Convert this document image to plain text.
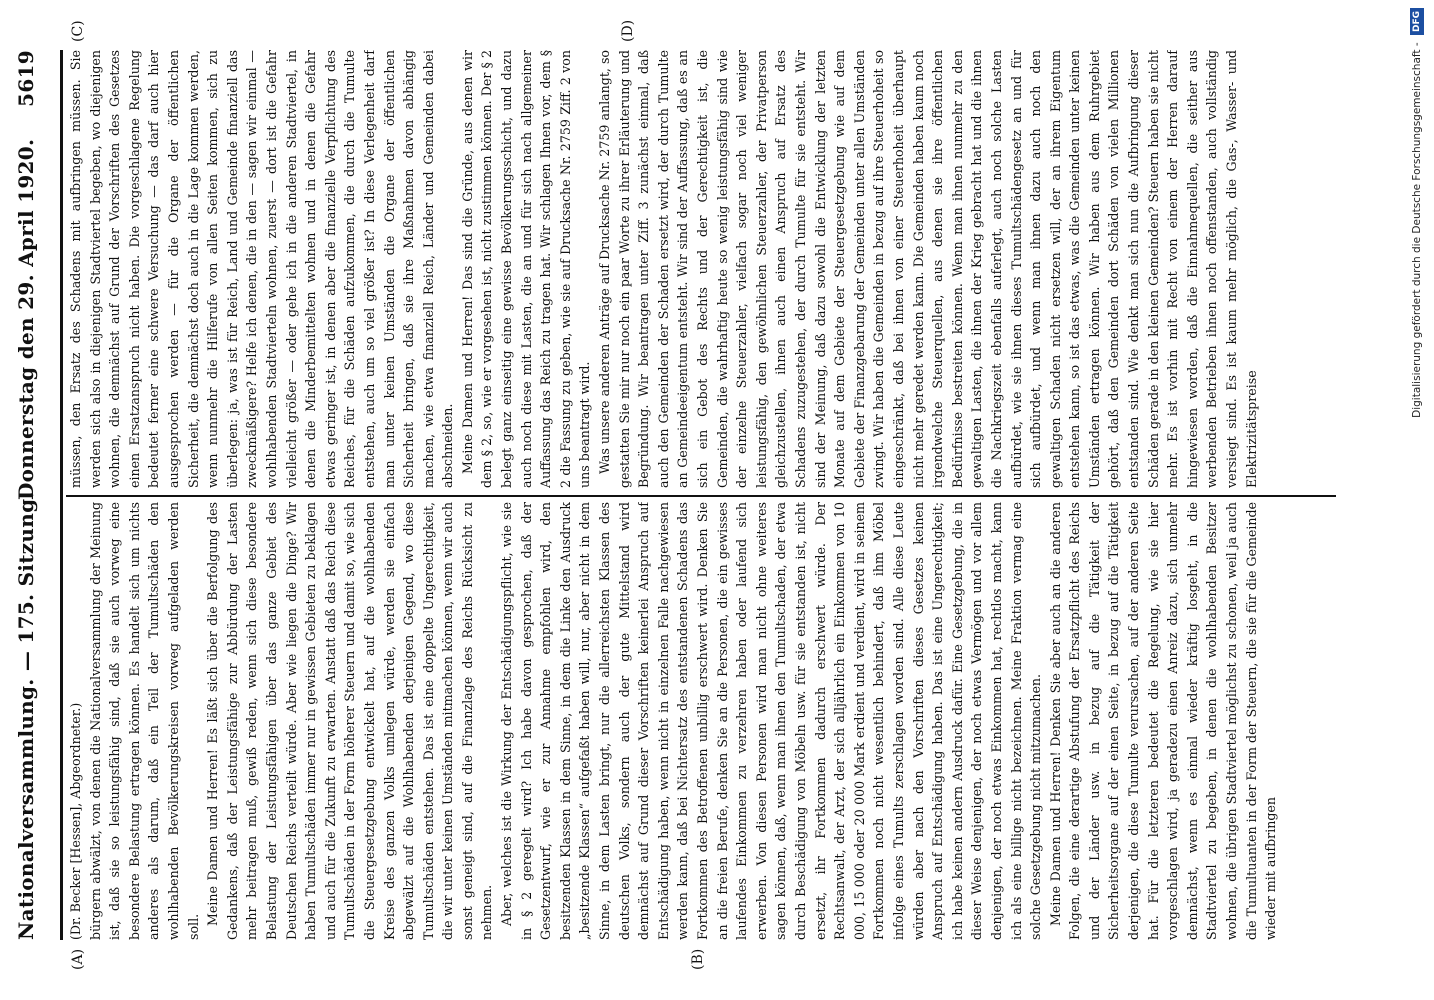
Nationalversammlung. — 175. Sitzung.
Donnerstag den 29. April 1920.
5619
(A)	(B)
(C)	(D)

(Dr. Becker [Hessen], Abgeordneter.) bürgern abwälzt, von denen die Nationalversammlung der Meinung ist, daß sie so leistungsfähig sind, daß sie auch vorweg eine besondere Belastung ertragen können. Es handelt sich um nichts anderes als darum, daß ein Teil der Tumultschäden den wohlhabenden Bevölkerungskreisen vorweg aufgeladen werden soll.

Meine Damen und Herren! Es läßt sich über die Berfolgung des Gedankens, daß der Leistungsfähige zur Abbürdung der Lasten mehr beitragen muß, gewiß reden, wenn sich diese besondere Belastung der Leistungsfähigen über das ganze Gebiet des Deutschen Reichs verteilt würde. Aber wie liegen die Dinge? Wir haben Tumultschäden immer nur in gewissen Gebieten zu beklagen und auch für die Zukunft zu erwarten. Anstatt daß das Reich diese Tumultschäden in der Form höherer Steuern und damit so, wie sich die Steuergesetzgebung entwickelt hat, auf die wohlhabenden Kreise des ganzen Volks umlegen würde, werden sie einfach abgewälzt auf die Wohlhabenden derjenigen Gegend, wo diese Tumultschäden entstehen. Das ist eine doppelte Ungerechtigkeit, die wir unter keinen Umständen mitmachen können, wenn wir auch sonst geneigt sind, auf die Finanzlage des Reichs Rücksicht zu nehmen. Aber, welches ist die Wirkung der Entschädigungspflicht, wie sie in § 2 geregelt wird? Ich habe davon gesprochen, daß der Gesetzentwurf, wie er zur Annahme empfohlen wird, den besitzenden Klassen in dem Sinne, in dem die Linke den Ausdruck „besitzende Klassen“ aufgefaßt haben will, nur, aber nicht in dem Sinne, in dem Lasten bringt, nur die allerreichsten Klassen des deutschen Volks, sondern auch der gute Mittelstand wird demnächst auf Grund dieser Vorschriften keinerlei Anspruch auf Entschädigung haben, wenn nicht in einzelnen Falle nachgewiesen werden kann, daß bei Nichtersatz des entstandenen Schadens das Fortkommen des Betroffenen unbillig erschwert wird. Denken Sie an die freien Berufe, denken Sie an die Personen, die ein gewisses laufendes Einkommen zu verzehren haben oder laufend sich erwerben. Von diesen Personen wird man nicht ohne weiteres sagen können, daß, wenn man ihnen den Tumultschaden, der etwa durch Beschädigung von Möbeln usw. für sie entstanden ist, nicht ersetzt, ihr Fortkommen dadurch erschwert würde. Der Rechtsanwalt, der Arzt, der sich alljährlich ein Einkommen von 10 000, 15 000 oder 20 000 Mark erdient und verdient, wird in seinem Fortkommen noch nicht wesentlich behindert, daß ihm Möbel infolge eines Tumults zerschlagen worden sind. Alle diese Leute würden aber nach den Vorschriften dieses Gesetzes keinen Anspruch auf Entschädigung haben. Das ist eine Ungerechtigkeit; ich habe keinen andern Ausdruck dafür. Eine Gesetzgebung, die in dieser Weise denjenigen, der noch etwas Vermögen und vor allem denjenigen, der noch etwas Einkommen hat, rechtlos macht, kann ich als eine billige nicht bezeichnen. Meine Fraktion vermag eine solche Gesetzgebung nicht mitzumachen. Meine Damen und Herren! Denken Sie aber auch an die anderen Folgen, die eine derartige Abstufung der Ersatzpflicht des Reichs und der Länder usw. in bezug auf die Tätigkeit der Sicherheitsorgane auf der einen Seite, in bezug auf die Tätigkeit derjenigen, die diese Tumulte verursachen, auf der anderen Seite hat. Für die letzteren bedeutet die Regelung, wie sie hier vorgeschlagen wird, ja geradezu einen Anreiz dazu, sich unmehr demnächst, wenn es einmal wieder kräftig losgeht, in die Stadtviertel zu begeben, in denen die wohlhabenden Besitzer wohnen, die übrigen Stadtviertel möglichst zu schonen, weil ja auch die Tumultuanten in der Form der Steuern, die sie für die Gemeinde wieder mit aufbringen

müssen, den Ersatz des Schadens mit aufbringen müssen. Sie werden sich also in diejenigen Stadtviertel begeben, wo diejenigen wohnen, die demnächst auf Grund der Vorschriften des Gesetzes einen Ersatzanspruch nicht haben. Die vorgeschlagene Regelung bedeutet ferner eine schwere Versuchung — das darf auch hier ausgesprochen werden — für die Organe der öffentlichen Sicherheit, die demnächst doch auch in die Lage kommen werden, wenn nunmehr die Hilferufe von allen Seiten kommen, sich zu überlegen: ja, was ist für Reich, Land und Gemeinde finanziell das zweckmäßigere? Helfe ich denen, die in den — sagen wir einmal — wohlhabenden Stadtvierteln wohnen, zuerst — dort ist die Gefahr vielleicht größer — oder gehe ich in die anderen Stadtviertel, in denen die Minderbemittelten wohnen und in denen die Gefahr etwas geringer ist, in denen aber die finanzielle Verpflichtung des Reiches, für die Schäden aufzukommen, die durch die Tumulte entstehen, auch um so viel größer ist? In diese Verlegenheit darf man unter keinen Umständen die Organe der öffentlichen Sicherheit bringen, daß sie ihre Maßnahmen davon abhängig machen, wie etwa finanziell Reich, Länder und Gemeinden dabei abschneiden. Meine Damen und Herren! Das sind die Gründe, aus denen wir dem § 2, so, wie er vorgesehen ist, nicht zustimmen können. Der § 2 belegt ganz einseitig eine gewisse Bevölkerungsschicht, und dazu auch noch diese mit Lasten, die an und für sich nach allgemeiner Auffassung das Reich zu tragen hat. Wir schlagen Ihnen vor, dem § 2 die Fassung zu geben, wie sie auf Drucksache Nr. 2759 Ziff. 2 von uns beantragt wird. Was unsere anderen Anträge auf Drucksache Nr. 2759 anlangt, so gestatten Sie mir nur noch ein paar Worte zu ihrer Erläuterung und Begründung. Wir beantragen unter Ziff. 3 zunächst einmal, daß auch den Gemeinden der Schaden ersetzt wird, der durch Tumulte an Gemeindeeigentum entsteht. Wir sind der Auffassung, daß es an sich ein Gebot des Rechts und der Gerechtigkeit ist, die Gemeinden, die wahrhaftig heute so wenig leistungsfähig sind wie der einzelne Steuerzahler, vielfach sogar noch viel weniger leistungsfähig, den gewöhnlichen Steuerzahler, der Privatperson gleichzustellen, ihnen auch einen Anspruch auf Ersatz des Schadens zuzugestehen, der durch Tumulte für sie entsteht. Wir sind der Meinung, daß dazu sowohl die Entwicklung der letzten Monate auf dem Gebiete der Steuergesetzgebung wie auf dem Gebiete der Finanzgebarung der Gemeinden unter allen Umständen zwingt. Wir haben die Gemeinden in bezug auf ihre Steuerhoheit so eingeschränkt, daß bei ihnen von einer Steuerhoheit überhaupt nicht mehr geredet werden kann. Die Gemeinden haben kaum noch irgendwelche Steuerquellen, aus denen sie ihre öffentlichen Bedürfnisse bestreiten können. Wenn man ihnen nunmehr zu den gewaltigen Lasten, die ihnen der Krieg gebracht hat und die ihnen die Nachkriegszeit ebenfalls auferlegt, auch noch solche Lasten aufbürdet, wie sie ihnen dieses Tumultschädengesetz an und für sich aufbürdet, und wenn man ihnen dazu auch noch den gewaltigen Schaden nicht ersetzen will, der an ihrem Eigentum entstehen kann, so ist das etwas, was die Gemeinden unter keinen Umständen ertragen können. Wir haben aus dem Ruhrgebiet gehört, daß den Gemeinden dort Schäden von vielen Millionen entstanden sind. Wie denkt man sich nun die Aufbringung dieser Schäden gerade in den kleinen Gemeinden? Steuern haben sie nicht mehr. Es ist vorhin mit Recht von einem der Herren darauf hingewiesen worden, daß die Einnahmequellen, die seither aus werbenden Betrieben ihnen noch offenstanden, auch vollständig versiegt sind. Es ist kaum mehr möglich, die Gas-, Wasser- und Elektrizitätspreise

Digitalisierung gefördert durch die Deutsche Forschungsgemeinschaft - DFG
